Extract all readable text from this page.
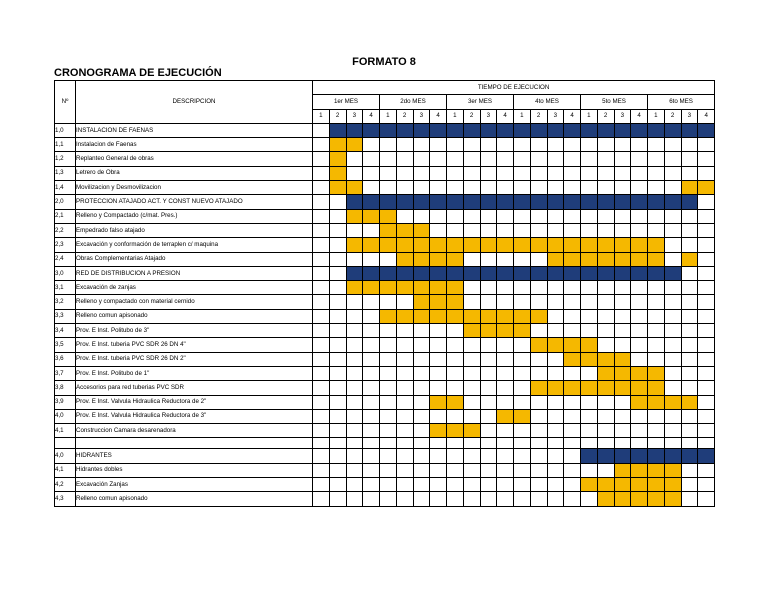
FORMATO 8
CRONOGRAMA DE EJECUCIÓN
Nº	DESCRIPCION	TIEMPO DE EJECUCION																							
		1er MES				2do MES				3er MES				4to MES				5to MES				6to MES			
		1	2	3	4	1	2	3	4	1	2	3	4	1	2	3	4	1	2	3	4	1	2	3	4
1,0	INSTALACION DE FAENAS																								
1,1	Instalacion de Faenas																								
1,2	Replanteo General de obras																								
1,3	Letrero de Obra																								
1,4	Movilizacion y Desmovilizacion																								
2,0	PROTECCION ATAJADO ACT. Y CONST NUEVO ATAJADO																								
2,1	Relleno y Compactado (c/mat. Pres.)																								
2,2	Empedrado falso atajado																								
2,3	Excavación y conformación de terraplen c/ maquina																								
2,4	Obras Complementarias Atajado																								
3,0	RED DE DISTRIBUCION A PRESION																								
3,1	Excavación de zanjas																								
3,2	Relleno y compactado con material cernido																								
3,3	Relleno comun apisonado																								
3,4	Prov. E Inst. Politubo de 3"																								
3,5	Prov. E Inst. tuberia PVC SDR 26 DN 4"																								
3,6	Prov. E Inst. tuberia PVC SDR 26 DN 2"																								
3,7	Prov. E Inst. Politubo de 1"																								
3,8	Accesorios para red tuberias PVC SDR																								
3,9	Prov. E Inst. Valvula Hidraulica Reductora de 2"																								
4,0	Prov. E Inst. Valvula Hidraulica Reductora de 3"																								
4,1	Construccion Camara desarenadora																								

4,0	HIDRANTES																								
4,1	Hidrantes dobles																								
4,2	Excavación Zanjas																								
4,3	Relleno comun apisonado																								
